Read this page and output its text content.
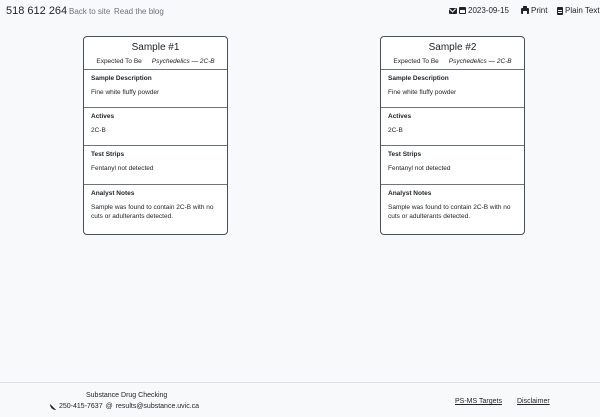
518 612 264 Back to site Read the blog	2023-09-15	Print Plain Text
Sample #1
Expected To Be Psychedelics — 2C-B
Sample Description

Fine white fluffy powder

Actives

2C-B

Test Strips

Fentanyl not detected

Analyst Notes

Sample was found to contain 2C-B with no cuts or adulterants detected.

Sample #2
Expected To Be Psychedelics — 2C-B
Sample Description

Fine white fluffy powder

Actives

2C-B

Test Strips

Fentanyl not detected

Analyst Notes

Sample was found to contain 2C-B with no cuts or adulterants detected.

Substance Drug Checking
250-415-7637 @ results@substance.uvic.ca
PS-MS Targets Disclaimer
